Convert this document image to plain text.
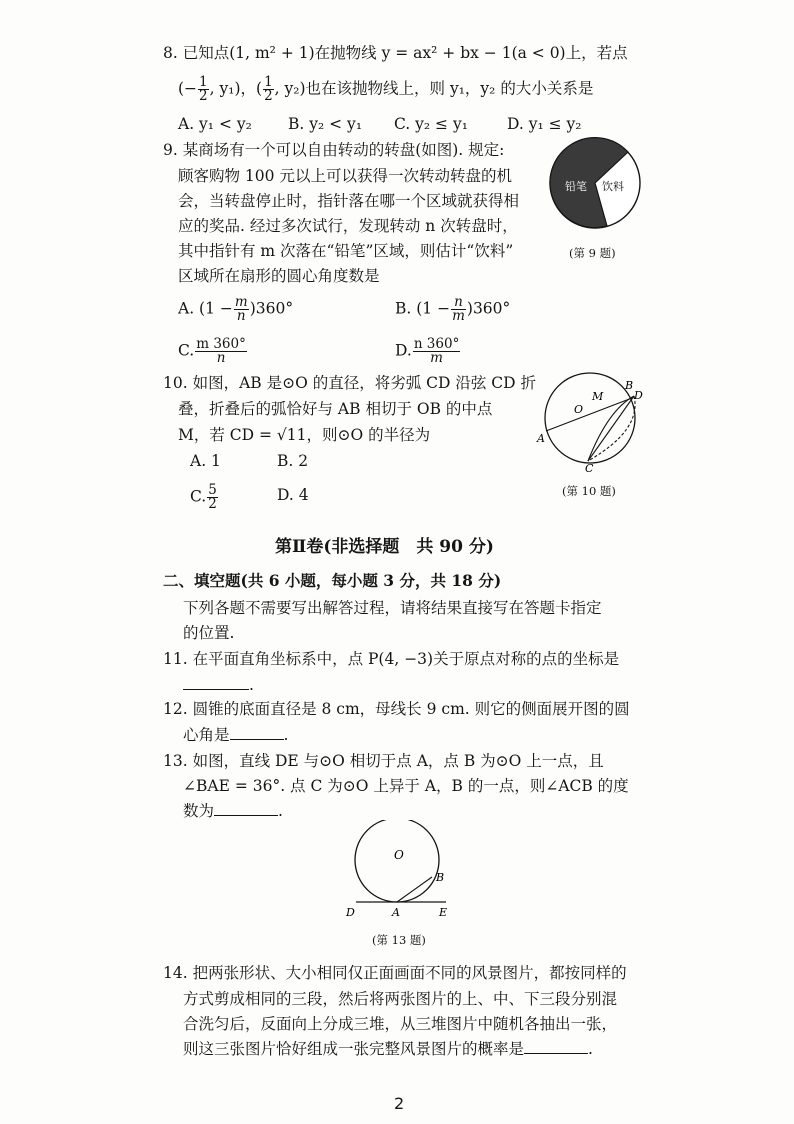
8. 已知点(1, m² + 1)在抛物线 y = ax² + bx − 1(a < 0)上，若点
(− $\frac{1}{2}$ , y₁)，( $\frac{1}{2}$ , y₂)也在该抛物线上，则 y₁，y₂ 的大小关系是
A. y₁ < y₂ B. y₂ < y₁ C. y₂ ≤ y₁	D. y₁ ≤ y₂
9. 某商场有一个可以自由转动的转盘(如图). 规定:
顾客购物 100 元以上可以获得一次转动转盘的机
会，当转盘停止时，指针落在哪一个区域就获得相
应的奖品. 经过多次试行，发现转动 n 次转盘时，
其中指针有 m 次落在“铅笔”区域，则估计“饮料”
区域所在扇形的圆心角度数是
铅笔 饮料
(第 9 题)
A. $(1 - \frac{m}{n} )360^\circ$	B. $(1 - \frac{n}{m} )360^\circ$
C. $\frac{m 360^\circ}{n}$	D. $\frac{n 360^\circ}{m}$
10. 如图，AB 是⊙O 的直径，将劣弧 CD 沿弦 CD 折
叠，折叠后的弧恰好与 AB 相切于 OB 的中点
M，若 CD = √11，则⊙O 的半径为
A. 1	B. 2
C. $\frac{5}{2}$	D. 4
B
M	D
O
A
C
(第 10 题)
第Ⅱ卷(非选择题　共 90 分)
二、填空题(共 6 小题，每小题 3 分，共 18 分)
下列各题不需要写出解答过程，请将结果直接写在答题卡指定
的位置.
11. 在平面直角坐标系中，点 P(4, −3)关于原点对称的点的坐标是
.
12. 圆锥的底面直径是 8 cm，母线长 9 cm. 则它的侧面展开图的圆
心角是	.
13. 如图，直线 DE 与⊙O 相切于点 A，点 B 为⊙O 上一点，且
∠BAE = 36°. 点 C 为⊙O 上异于 A，B 的一点，则∠ACB 的度
数为	.
O
B
D	A	E
(第 13 题)
14. 把两张形状、大小相同仅正面画面不同的风景图片，都按同样的
方式剪成相同的三段，然后将两张图片的上、中、下三段分别混
合洗匀后，反面向上分成三堆，从三堆图片中随机各抽出一张，
则这三张图片恰好组成一张完整风景图片的概率是	.
2
